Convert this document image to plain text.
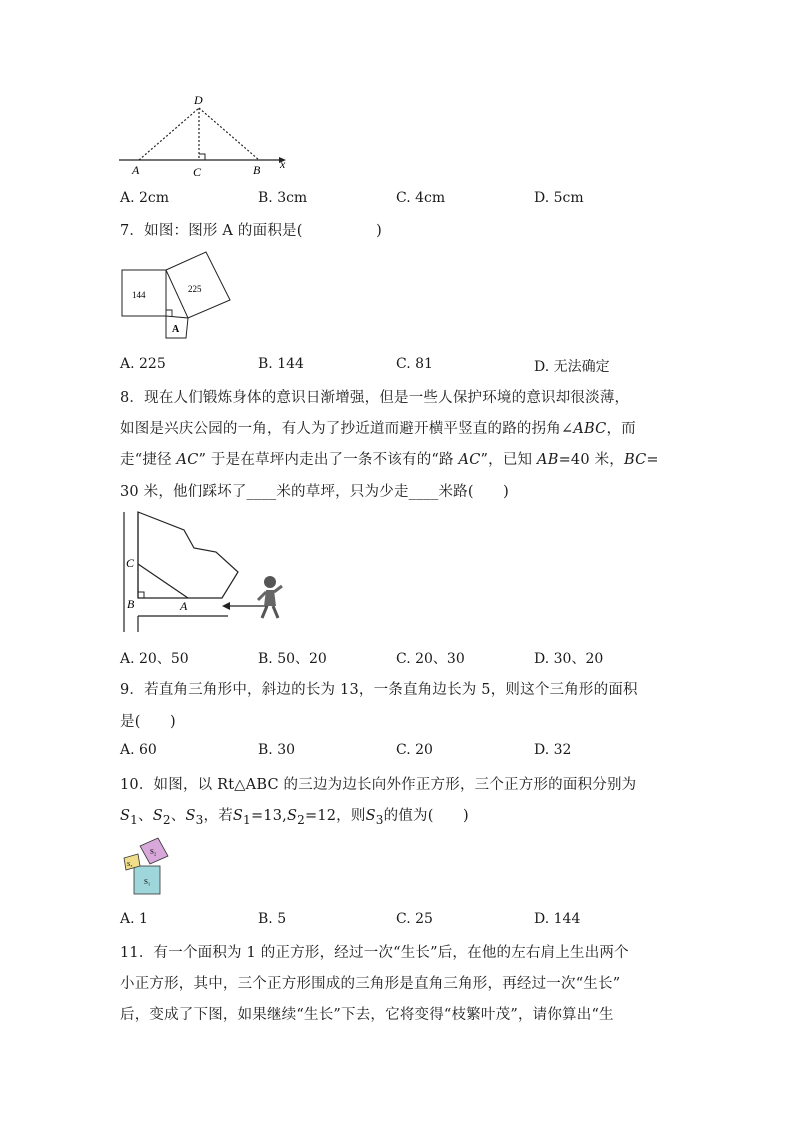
D
A	C	B x
A. 2cm	B. 3cm	C. 4cm	D. 5cm
7．如图：图形 A 的面积是(　　　　　)
144
225
A
A. 225	B. 144	C. 81	D. 无法确定
8．现在人们锻炼身体的意识日渐增强，但是一些人保护环境的意识却很淡薄，
如图是兴庆公园的一角，有人为了抄近道而避开横平竖直的路的拐角∠ABC，而
走“捷径 AC” 于是在草坪内走出了一条不该有的“路 AC”，已知 AB=40 米，BC=
30 米，他们踩坏了____米的草坪，只为少走____米路(　　)
C
B	A
A. 20、50	B. 50、20	C. 20、30	D. 30、20
9．若直角三角形中，斜边的长为 13，一条直角边长为 5，则这个三角形的面积
是(　　)
A. 60	B. 30	C. 20	D. 32
10．如图，以 Rt△ABC 的三边为边长向外作正方形，三个正方形的面积分别为
$S_1$、$S_2$、$S_3$，若$S_1=13,S_2=12$，则$S_3$的值为(　　)
S₁
S₂
S₃
A. 1	B. 5	C. 25	D. 144
11．有一个面积为 1 的正方形，经过一次“生长”后，在他的左右肩上生出两个
小正方形，其中，三个正方形围成的三角形是直角三角形，再经过一次“生长”
后，变成了下图，如果继续“生长”下去，它将变得“枝繁叶茂”，请你算出“生
